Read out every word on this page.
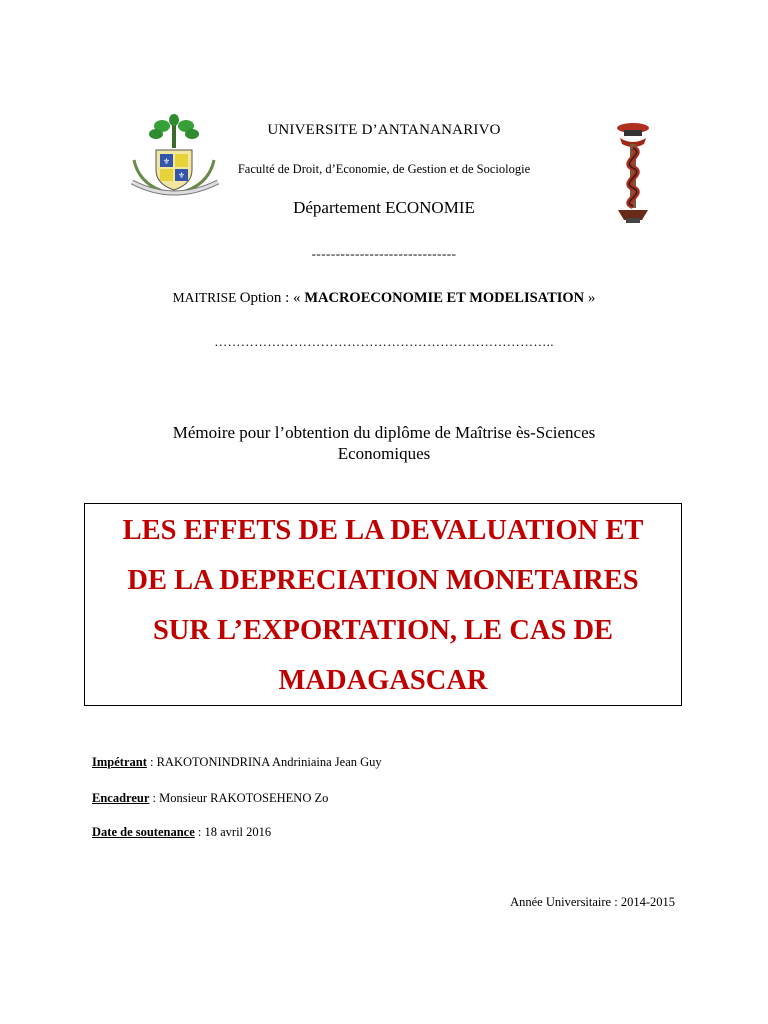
⚜
⚜
UNIVERSITE D’ANTANANARIVO
Faculté de Droit, d’Economie, de Gestion et de Sociologie
Département ECONOMIE
------------------------------
MAITRISE Option : « MACROECONOMIE ET MODELISATION »
…………………………………………………………………..
Mémoire pour l’obtention du diplôme de Maîtrise ès-Sciences
Economiques
LES EFFETS DE LA DEVALUATION ET
DE LA DEPRECIATION MONETAIRES
SUR L’EXPORTATION, LE CAS DE
MADAGASCAR
Impétrant : RAKOTONINDRINA Andriniaina Jean Guy
Encadreur : Monsieur RAKOTOSEHENO Zo
Date de soutenance : 18 avril 2016
Année Universitaire : 2014-2015
